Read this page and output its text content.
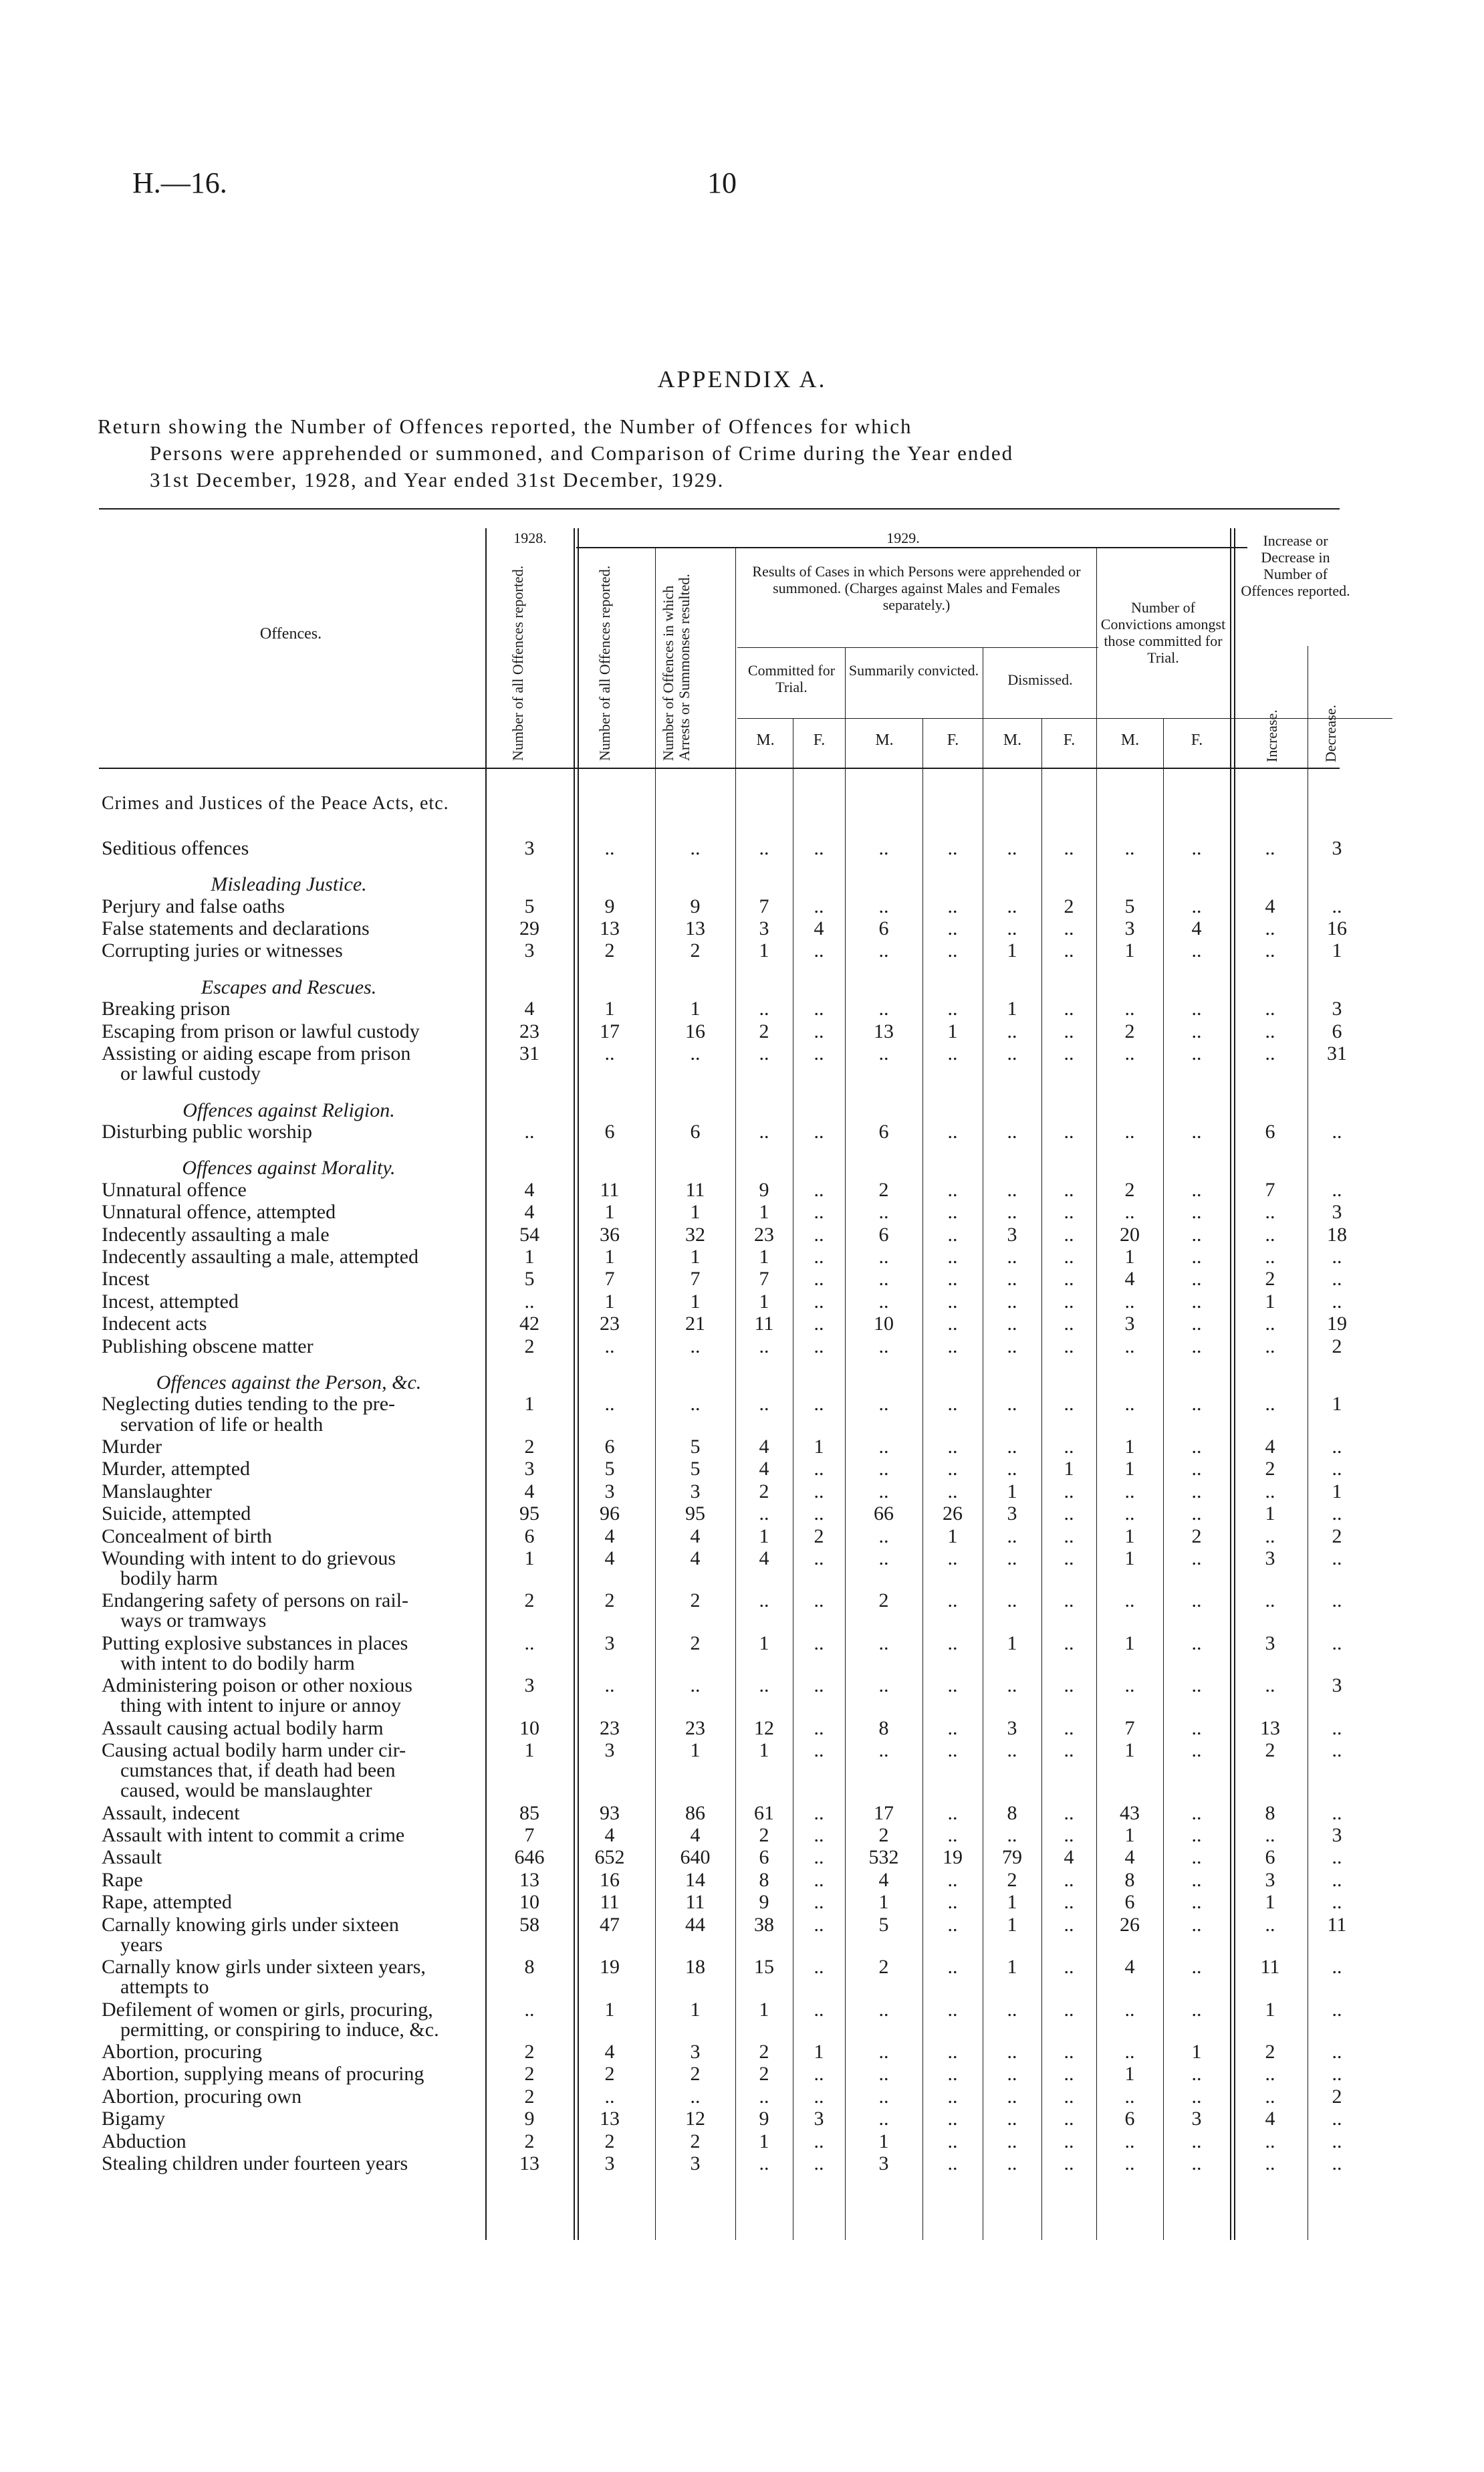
H.—16.	10
APPENDIX A.
Return showing the Number of Offences reported, the Number of Offences for which
Persons were apprehended or summoned, and Comparison of Crime during the Year ended
31st December, 1928, and Year ended 31st December, 1929.
Offences.
1928.	1929.
Number of all Offences reported.	Number of all Offences reported.	Number of Offences in which Arrests or Summonses resulted.
Results of Cases in which Persons were apprehended or summoned. (Charges against Males and Females separately.)
Committed for Trial.
Summarily convicted.
Dismissed.
Number of Convictions amongst those committed for Trial.
Increase or Decrease in Number of Offences reported.
Increase.	Decrease.
M.	F.	M.	F.	M.	F.	M.	F.
Crimes and Justices of the Peace Acts, etc.
Seditious offences	3	..	..	..	..	..	..	..	..	..	..	..	3
Misleading Justice.
Perjury and false oaths	5	9	9	7	..	..	..	..	2	5	..	4	..
False statements and declarations	29	13	13	3	4	6	..	..	..	3	4	..	16
Corrupting juries or witnesses	3	2	2	1	..	..	..	1	..	1	..	..	1
Escapes and Rescues.
Breaking prison	4	1	1	..	..	..	..	1	..	..	..	..	3
Escaping from prison or lawful custody	23	17	16	2	..	13	1	..	..	2	..	..	6
Assisting or aiding escape from prison
or lawful custody
31	..	..	..	..	..	..	..	..	..	..	..	31
Offences against Religion.
Disturbing public worship	..	6	6	..	..	6	..	..	..	..	..	6	..
Offences against Morality.
Unnatural offence	4	11	11	9	..	2	..	..	..	2	..	7	..
Unnatural offence, attempted	4	1	1	1	..	..	..	..	..	..	..	..	3
Indecently assaulting a male	54	36	32	23	..	6	..	3	..	20	..	..	18
Indecently assaulting a male, attempted	1	1	1	1	..	..	..	..	..	1	..	..	..
Incest	5	7	7	7	..	..	..	..	..	4	..	2	..
Incest, attempted	..	1	1	1	..	..	..	..	..	..	..	1	..
Indecent acts	42	23	21	11	..	10	..	..	..	3	..	..	19
Publishing obscene matter	2	..	..	..	..	..	..	..	..	..	..	..	2
Offences against the Person, &c.
Neglecting duties tending to the pre-
servation of life or health
1	..	..	..	..	..	..	..	..	..	..	..	1
Murder	2	6	5	4	1	..	..	..	..	1	..	4	..
Murder, attempted	3	5	5	4	..	..	..	..	1	1	..	2	..
Manslaughter	4	3	3	2	..	..	..	1	..	..	..	..	1
Suicide, attempted	95	96	95	..	..	66	26	3	..	..	..	1	..
Concealment of birth	6	4	4	1	2	..	1	..	..	1	2	..	2
Wounding with intent to do grievous
bodily harm
1	4	4	4	..	..	..	..	..	1	..	3	..
Endangering safety of persons on rail-
ways or tramways
2	2	2	..	..	2	..	..	..	..	..	..	..
Putting explosive substances in places
with intent to do bodily harm
..	3	2	1	..	..	..	1	..	1	..	3	..
Administering poison or other noxious
thing with intent to injure or annoy
3	..	..	..	..	..	..	..	..	..	..	..	3
Assault causing actual bodily harm	10	23	23	12	..	8	..	3	..	7	..	13	..
Causing actual bodily harm under cir-
cumstances that, if death had been
caused, would be manslaughter
1	3	1	1	..	..	..	..	..	1	..	2	..
Assault, indecent	85	93	86	61	..	17	..	8	..	43	..	8	..
Assault with intent to commit a crime	7	4	4	2	..	2	..	..	..	1	..	..	3
Assault	646	652	640	6	..	532	19	79	4	4	..	6	..
Rape	13	16	14	8	..	4	..	2	..	8	..	3	..
Rape, attempted	10	11	11	9	..	1	..	1	..	6	..	1	..
Carnally knowing girls under sixteen
years
58	47	44	38	..	5	..	1	..	26	..	..	11
Carnally know girls under sixteen years,
attempts to
8	19	18	15	..	2	..	1	..	4	..	11	..
Defilement of women or girls, procuring,
permitting, or conspiring to induce, &c.
..	1	1	1	..	..	..	..	..	..	..	1	..
Abortion, procuring	2	4	3	2	1	..	..	..	..	..	1	2	..
Abortion, supplying means of procuring	2	2	2	2	..	..	..	..	..	1	..	..	..
Abortion, procuring own	2	..	..	..	..	..	..	..	..	..	..	..	2
Bigamy	9	13	12	9	3	..	..	..	..	6	3	4	..
Abduction	2	2	2	1	..	1	..	..	..	..	..	..	..
Stealing children under fourteen years	13	3	3	..	..	3	..	..	..	..	..	..	..
